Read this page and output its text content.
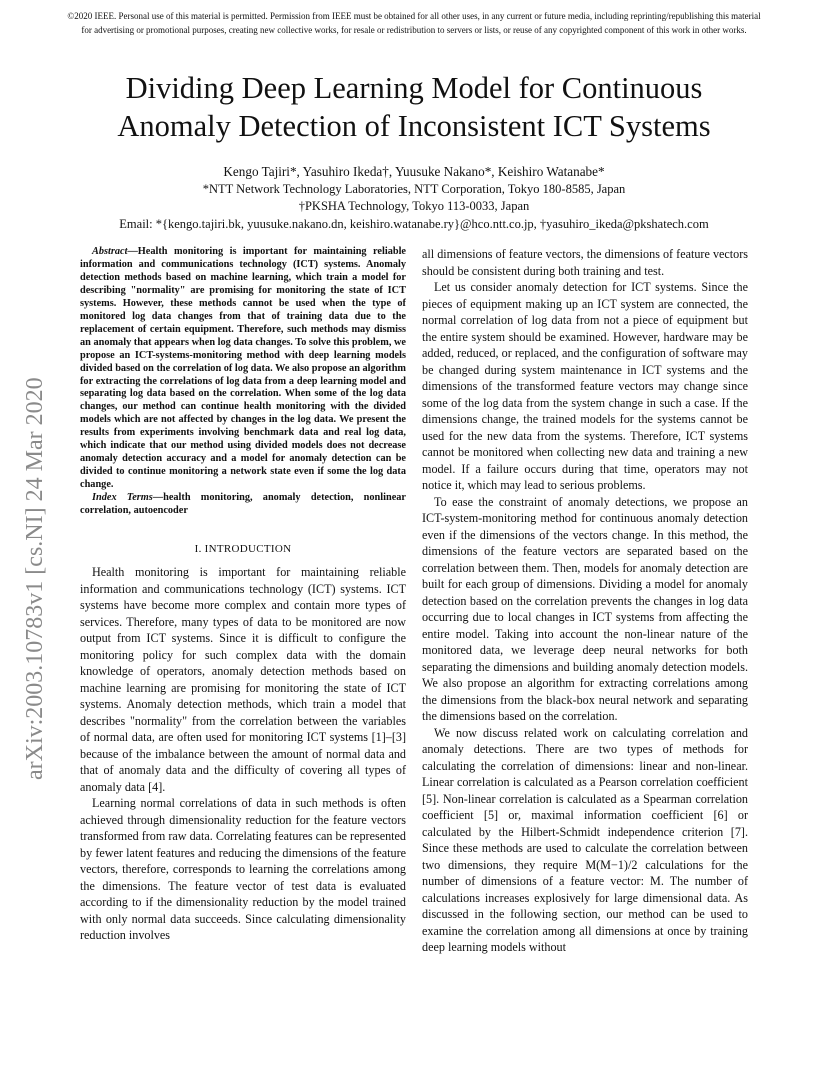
©2020 IEEE. Personal use of this material is permitted. Permission from IEEE must be obtained for all other uses, in any current or future media, including reprinting/republishing this material
for advertising or promotional purposes, creating new collective works, for resale or redistribution to servers or lists, or reuse of any copyrighted component of this work in other works.
Dividing Deep Learning Model for Continuous
Anomaly Detection of Inconsistent ICT Systems
Kengo Tajiri*, Yasuhiro Ikeda†, Yuusuke Nakano*, Keishiro Watanabe*
*NTT Network Technology Laboratories, NTT Corporation, Tokyo 180-8585, Japan
†PKSHA Technology, Tokyo 113-0033, Japan
Email: *{kengo.tajiri.bk, yuusuke.nakano.dn, keishiro.watanabe.ry}@hco.ntt.co.jp, †yasuhiro_ikeda@pkshatech.com
arXiv:2003.10783v1 [cs.NI] 24 Mar 2020

Abstract—Health monitoring is important for maintaining reliable information and communications technology (ICT) systems. Anomaly detection methods based on machine learning, which train a model for describing "normality" are promising for monitoring the state of ICT systems. However, these methods cannot be used when the type of monitored log data changes from that of training data due to the replacement of certain equipment. Therefore, such methods may dismiss an anomaly that appears when log data changes. To solve this problem, we propose an ICT-systems-monitoring method with deep learning models divided based on the correlation of log data. We also propose an algorithm for extracting the correlations of log data from a deep learning model and separating log data based on the correlation. When some of the log data changes, our method can continue health monitoring with the divided models which are not affected by changes in the log data. We present the results from experiments involving benchmark data and real log data, which indicate that our method using divided models does not decrease anomaly detection accuracy and a model for anomaly detection can be divided to continue monitoring a network state even if some the log data change.

Index Terms—health monitoring, anomaly detection, nonlinear correlation, autoencoder

I. INTRODUCTION

Health monitoring is important for maintaining reliable information and communications technology (ICT) systems. ICT systems have become more complex and contain more types of services. Therefore, many types of data to be monitored are now output from ICT systems. Since it is difficult to configure the monitoring policy for such complex data with the domain knowledge of operators, anomaly detection methods based on machine learning are promising for monitoring the state of ICT systems. Anomaly detection methods, which train a model that describes "normality" from the correlation between the variables of normal data, are often used for monitoring ICT systems [1]–[3] because of the imbalance between the amount of normal data and that of anomaly data and the difficulty of covering all types of anomaly data [4].

Learning normal correlations of data in such methods is often achieved through dimensionality reduction for the feature vectors transformed from raw data. Correlating features can be represented by fewer latent features and reducing the dimensions of the feature vectors, therefore, corresponds to learning the correlations among the dimensions. The feature vector of test data is evaluated according to if the dimensionality reduction by the model trained with only normal data succeeds. Since calculating dimensionality reduction involves

all dimensions of feature vectors, the dimensions of feature vectors should be consistent during both training and test.

Let us consider anomaly detection for ICT systems. Since the pieces of equipment making up an ICT system are connected, the normal correlation of log data from not a piece of equipment but the entire system should be examined. However, hardware may be added, reduced, or replaced, and the configuration of software may be changed during system maintenance in ICT systems and the dimensions of the transformed feature vectors may change since some of the log data from the system change in such a case. If the dimensions change, the trained models for the systems cannot be used for the new data from the systems. Therefore, ICT systems cannot be monitored when collecting new data and training a new model. If a failure occurs during that time, operators may not notice it, which may lead to serious problems.

To ease the constraint of anomaly detections, we propose an ICT-system-monitoring method for continuous anomaly detection even if the dimensions of the vectors change. In this method, the dimensions of the feature vectors are separated based on the correlation between them. Then, models for anomaly detection are built for each group of dimensions. Dividing a model for anomaly detection based on the correlation prevents the changes in log data occurring due to local changes in ICT systems from affecting the entire model. Taking into account the non-linear nature of the monitored data, we leverage deep neural networks for both separating the dimensions and building anomaly detection models. We also propose an algorithm for extracting correlations among the dimensions from the black-box neural network and separating the dimensions based on the correlation.

We now discuss related work on calculating correlation and anomaly detections. There are two types of methods for calculating the correlation of dimensions: linear and non-linear. Linear correlation is calculated as a Pearson correlation coefficient [5]. Non-linear correlation is calculated as a Spearman correlation coefficient [5] or, maximal information coefficient [6] or calculated by the Hilbert-Schmidt independence criterion [7]. Since these methods are used to calculate the correlation between two dimensions, they require M(M−1)/2 calculations for the number of dimensions of a feature vector: M. The number of calculations increases explosively for large dimensional data. As discussed in the following section, our method can be used to examine the correlation among all dimensions at once by training deep learning models without
